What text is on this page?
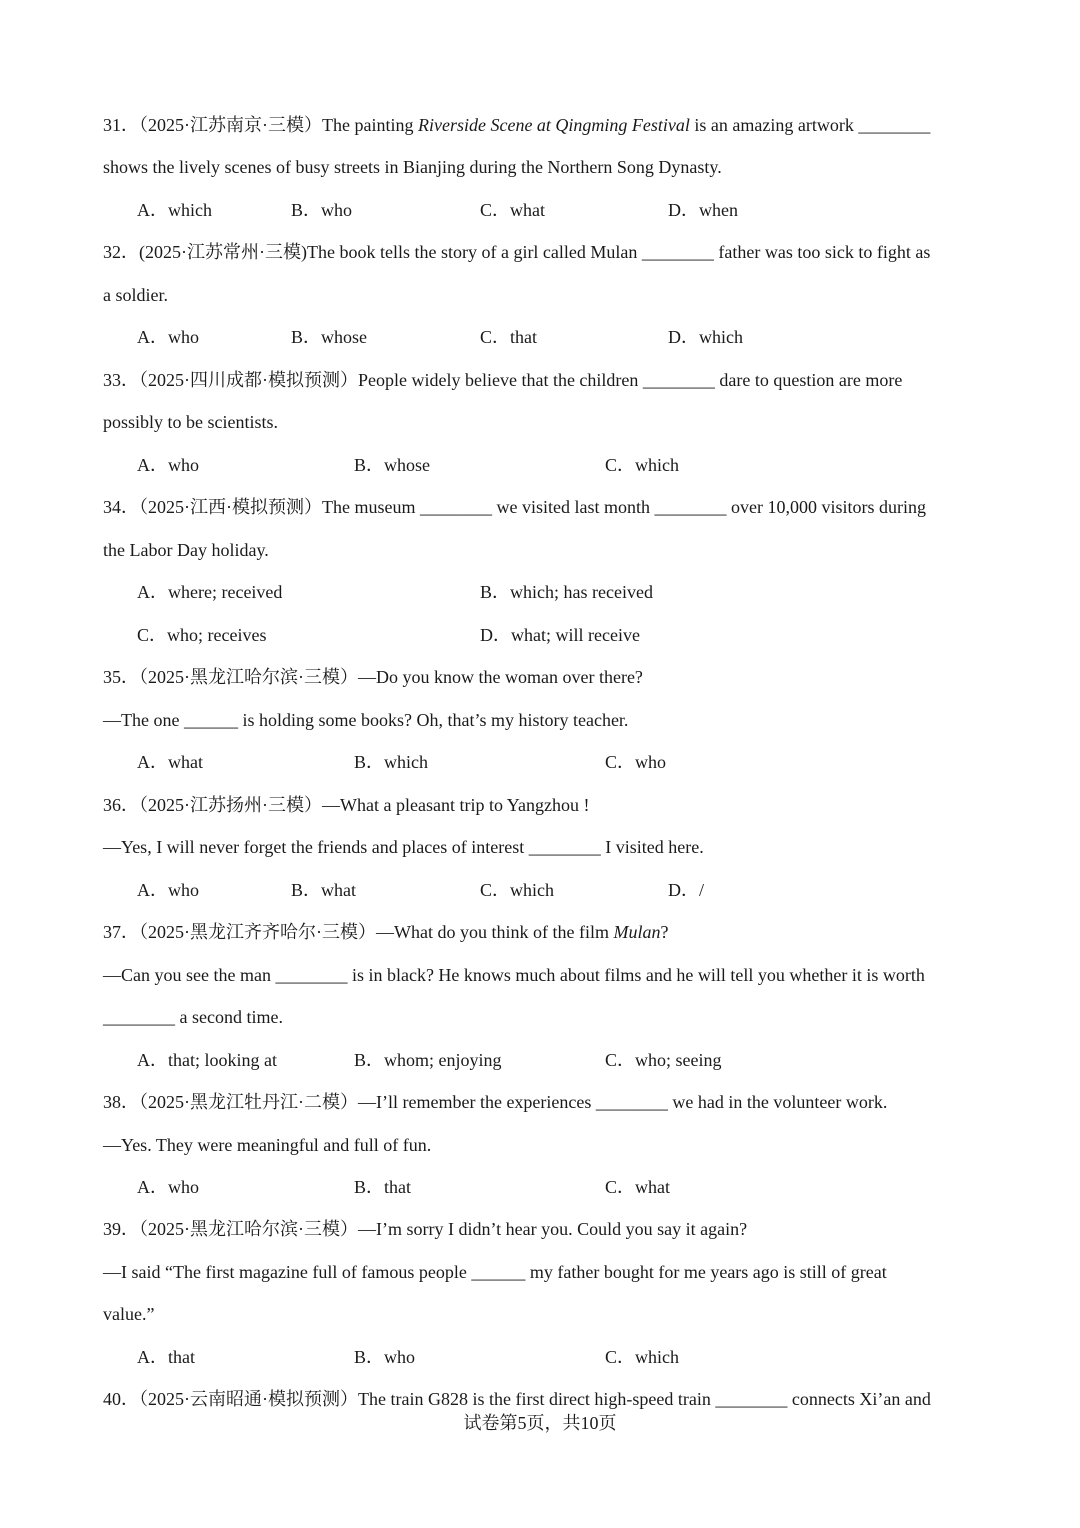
31．（2025·江苏南京·三模）The painting Riverside Scene at Qingming Festival is an amazing artwork ________
shows the lively scenes of busy streets in Bianjing during the Northern Song Dynasty.
A．which	B．who	C．what	D．when
32．(2025·江苏常州·三模)The book tells the story of a girl called Mulan ________ father was too sick to fight as
a soldier.
A．who	B．whose	C．that	D．which
33．（2025·四川成都·模拟预测）People widely believe that the children ________ dare to question are more
possibly to be scientists.
A．who	B．whose	C．which
34．（2025·江西·模拟预测）The museum ________ we visited last month ________ over 10,000 visitors during
the Labor Day holiday.
A．where; received	B．which; has received
C．who; receives	D．what; will receive
35．（2025·黑龙江哈尔滨·三模）—Do you know the woman over there?
—The one ______ is holding some books? Oh, that’s my history teacher.
A．what	B．which	C．who
36．（2025·江苏扬州·三模）—What a pleasant trip to Yangzhou !
—Yes, I will never forget the friends and places of interest ________ I visited here.
A．who	B．what	C．which	D．/
37．（2025·黑龙江齐齐哈尔·三模）—What do you think of the film Mulan?
—Can you see the man ________ is in black? He knows much about films and he will tell you whether it is worth
________ a second time.
A．that; looking at	B．whom; enjoying	C．who; seeing
38．（2025·黑龙江牡丹江·二模）—I’ll remember the experiences ________ we had in the volunteer work.
—Yes. They were meaningful and full of fun.
A．who	B．that	C．what
39．（2025·黑龙江哈尔滨·三模）—I’m sorry I didn’t hear you. Could you say it again?
—I said “The first magazine full of famous people ______ my father bought for me years ago is still of great
value.”
A．that	B．who	C．which
40．（2025·云南昭通·模拟预测）The train G828 is the first direct high-speed train ________ connects Xi’an and
试卷第5页，共10页
